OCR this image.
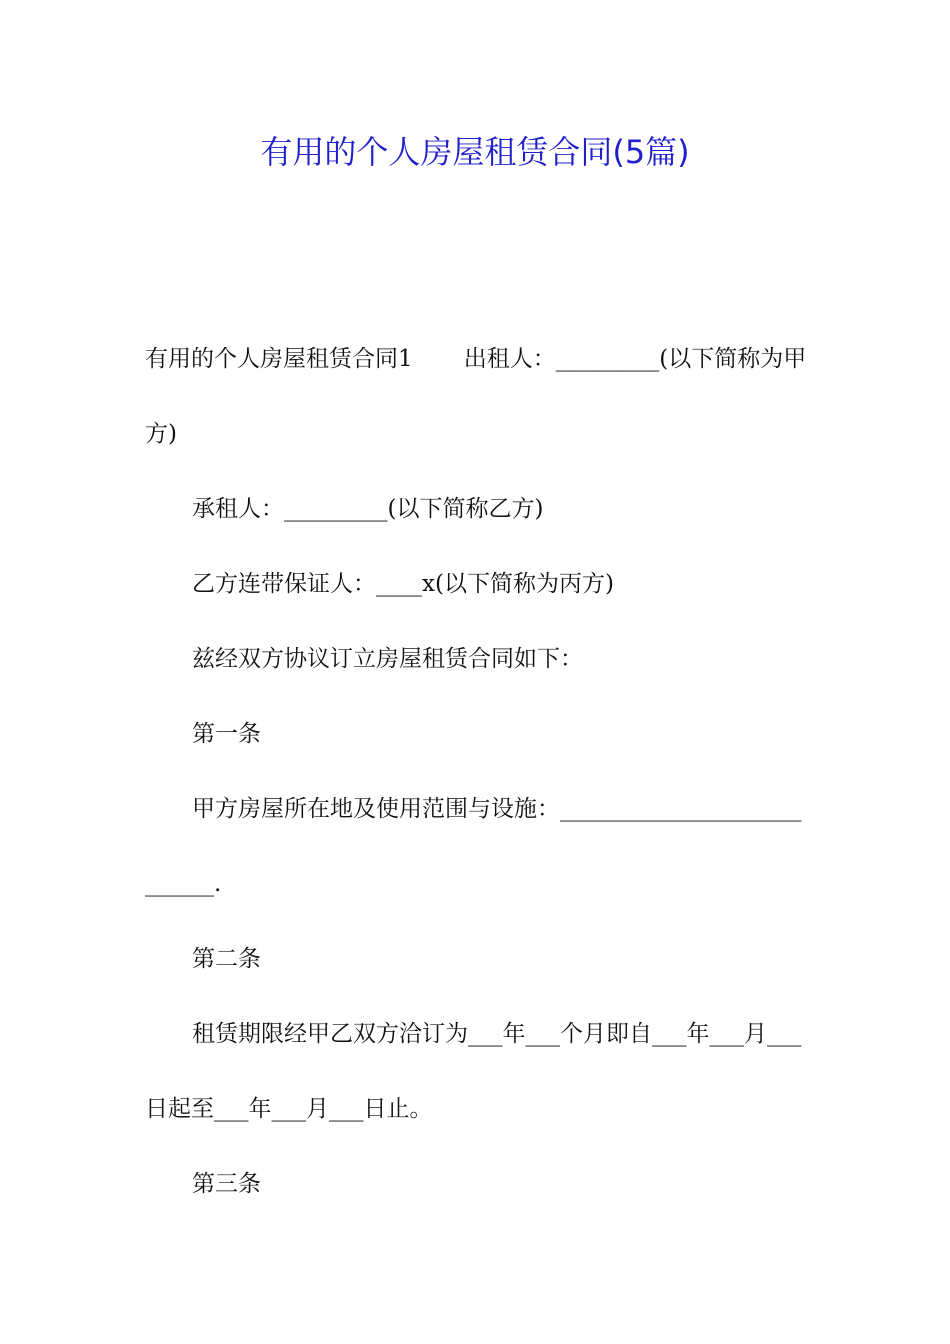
有用的个人房屋租赁合同(5篇)

有用的个人房屋租赁合同1       出租人：_________(以下简称为甲方)

承租人：_________(以下简称乙方)

乙方连带保证人：____x(以下简称为丙方)

兹经双方协议订立房屋租赁合同如下：

第一条

甲方房屋所在地及使用范围与设施：___________________________.

第二条

租赁期限经甲乙双方洽订为___年___个月即自___年___月___日起至___年___月___日止。

第三条
